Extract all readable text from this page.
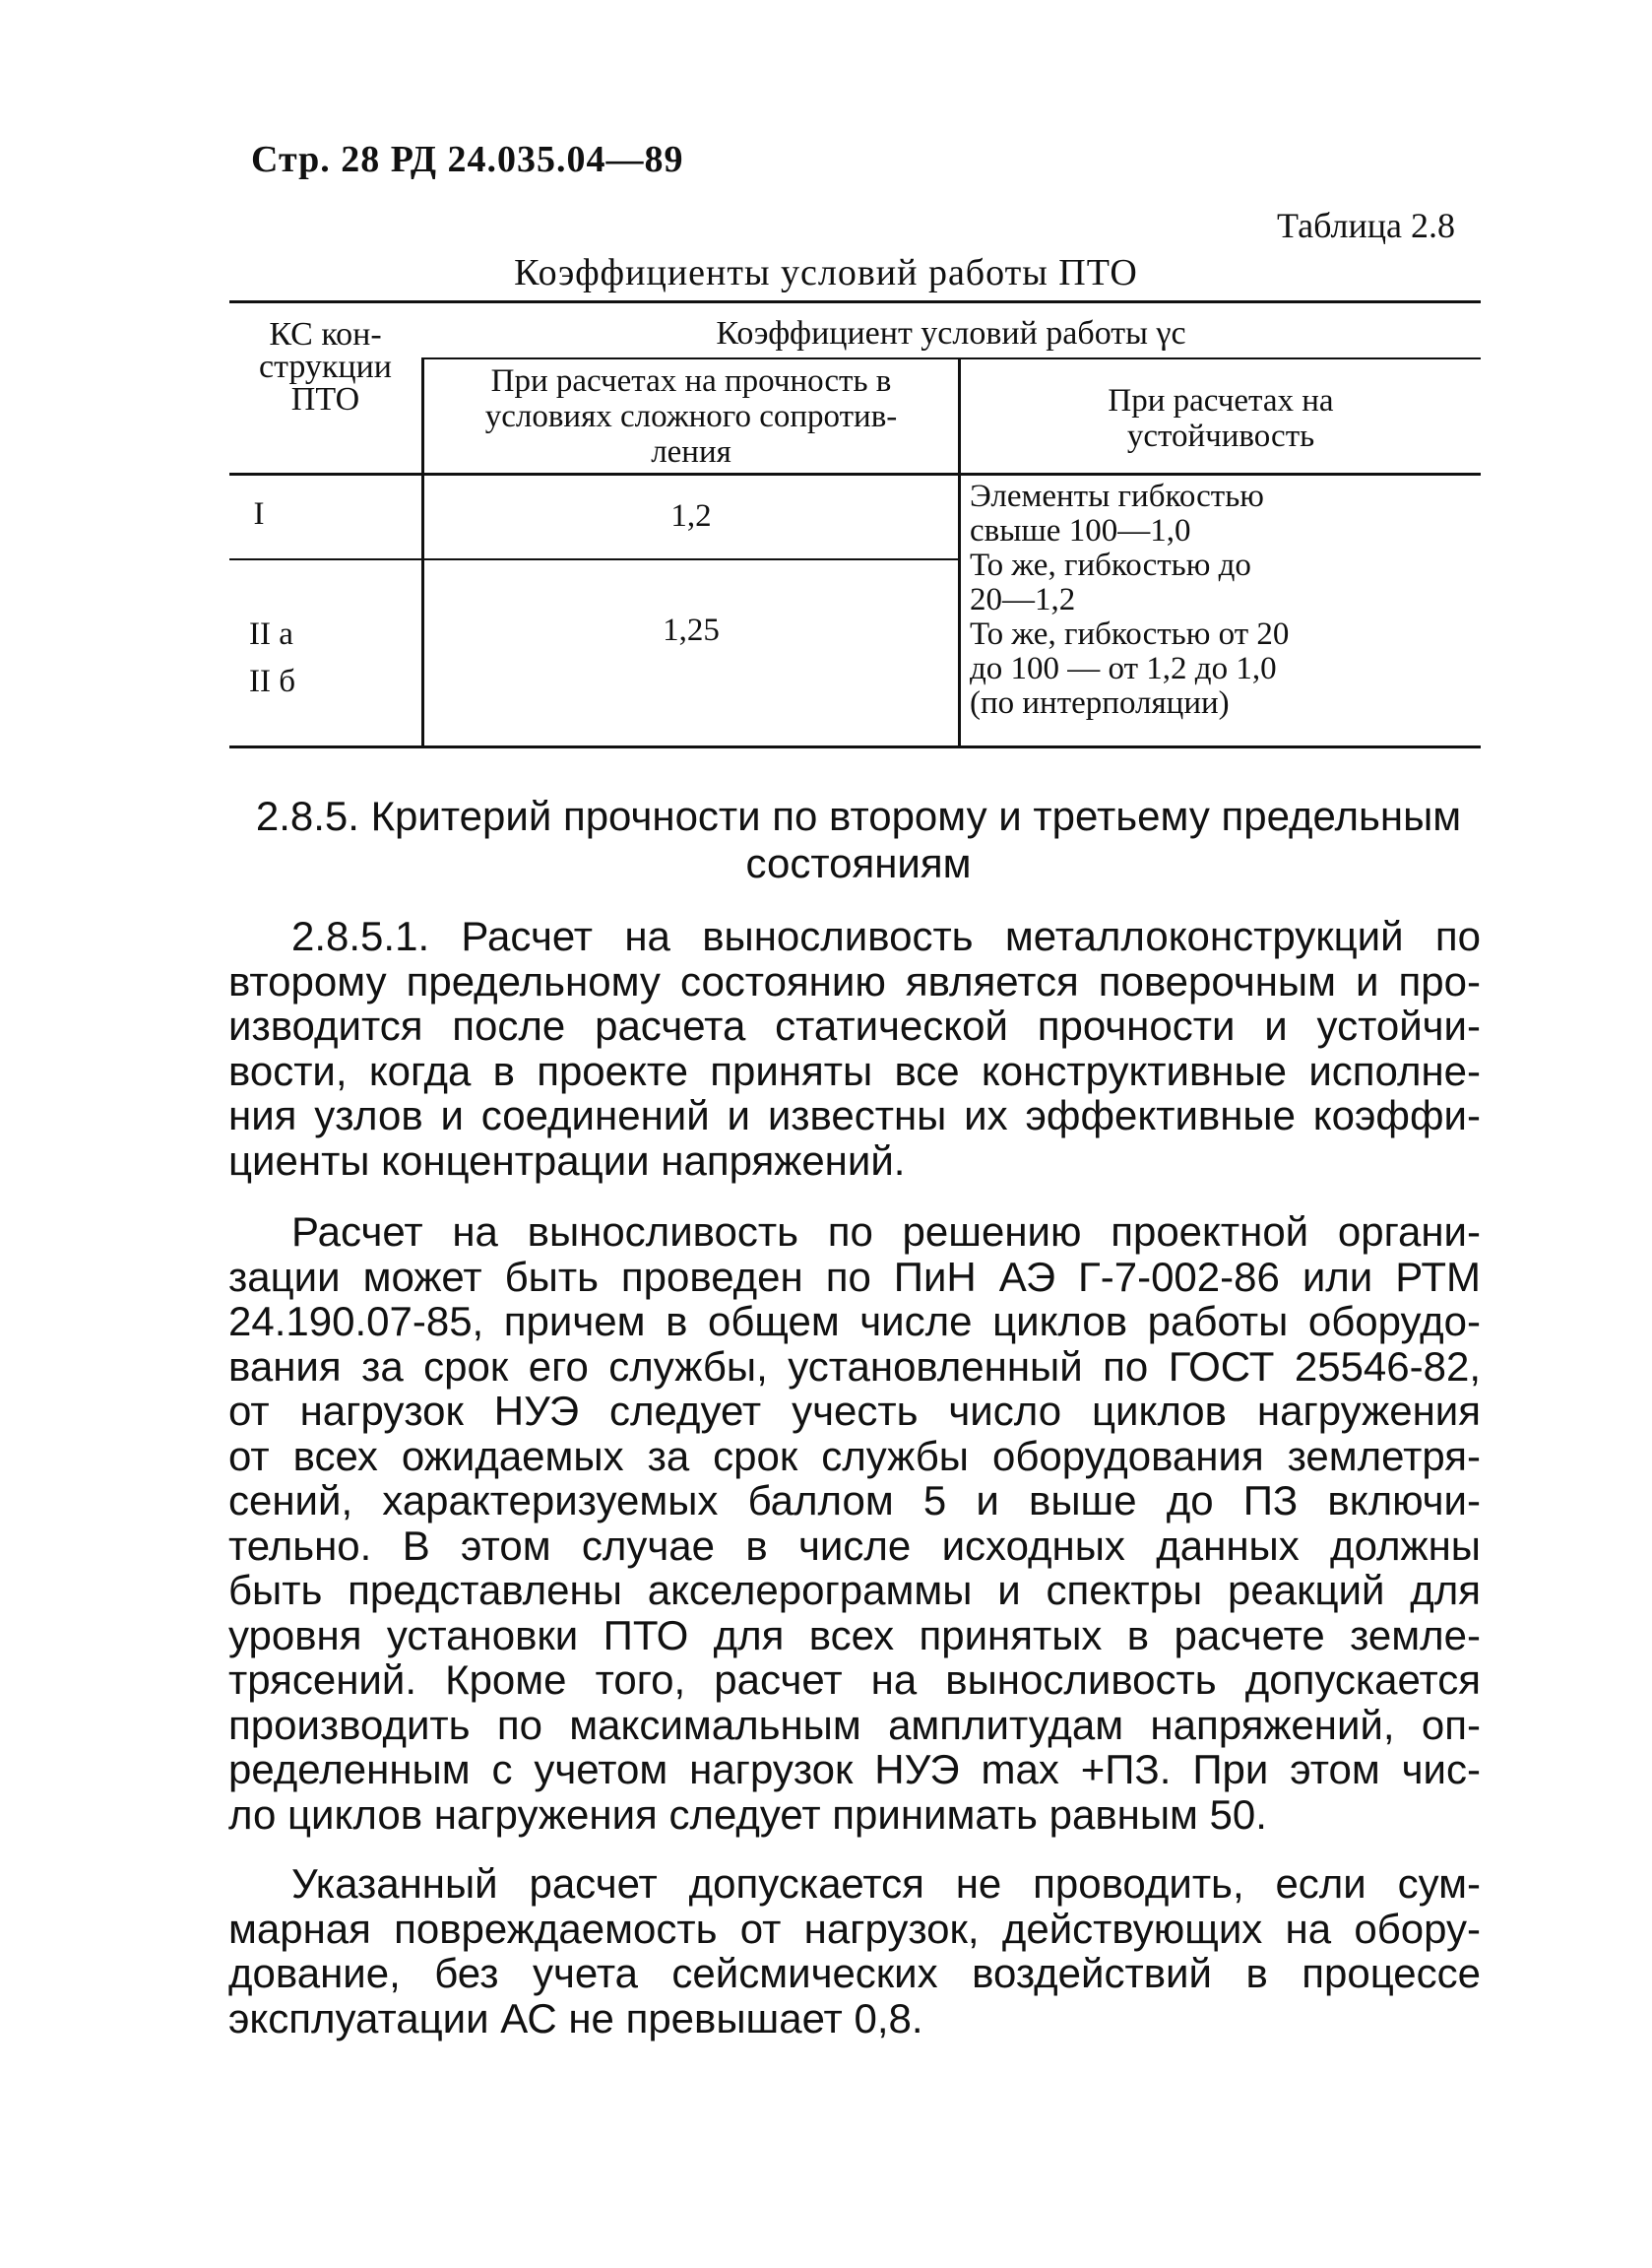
Стр. 28 РД 24.035.04—89
Таблица 2.8
Коэффициенты условий работы ПТО
КС кон-
струкции
ПТО
Коэффициент условий работы γc
При расчетах на прочность в
условиях сложного сопротив-
ления
При расчетах на
устойчивость
I	1,2
Элементы гибкостью
свыше 100—1,0
II а
II б
1,25
То же, гибкостью до
20—1,2
То же, гибкостью от 20
до 100 — от 1,2 до 1,0
(по интерполяции)
2.8.5. Критерий прочности по второму и третьему предельным
состояниям
2.8.5.1. Расчет на выносливость металлоконструкций по
второму предельному состоянию является поверочным и про-
изводится после расчета статической прочности и устойчи-
вости, когда в проекте приняты все конструктивные исполне-
ния узлов и соединений и известны их эффективные коэффи-
циенты концентрации напряжений.
Расчет на выносливость по решению проектной органи-
зации может быть проведен по ПиН АЭ Г-7-002-86 или РТМ
24.190.07-85, причем в общем числе циклов работы оборудо-
вания за срок его службы, установленный по ГОСТ 25546-82,
от нагрузок НУЭ следует учесть число циклов нагружения
от всех ожидаемых за срок службы оборудования землетря-
сений, характеризуемых баллом 5 и выше до ПЗ включи-
тельно. В этом случае в числе исходных данных должны
быть представлены акселерограммы и спектры реакций для
уровня установки ПТО для всех принятых в расчете земле-
трясений. Кроме того, расчет на выносливость допускается
производить по максимальным амплитудам напряжений, оп-
ределенным с учетом нагрузок НУЭ max +ПЗ. При этом чис-
ло циклов нагружения следует принимать равным 50.
Указанный расчет допускается не проводить, если сум-
марная повреждаемость от нагрузок, действующих на обору-
дование, без учета сейсмических воздействий в процессе
эксплуатации АС не превышает 0,8.
